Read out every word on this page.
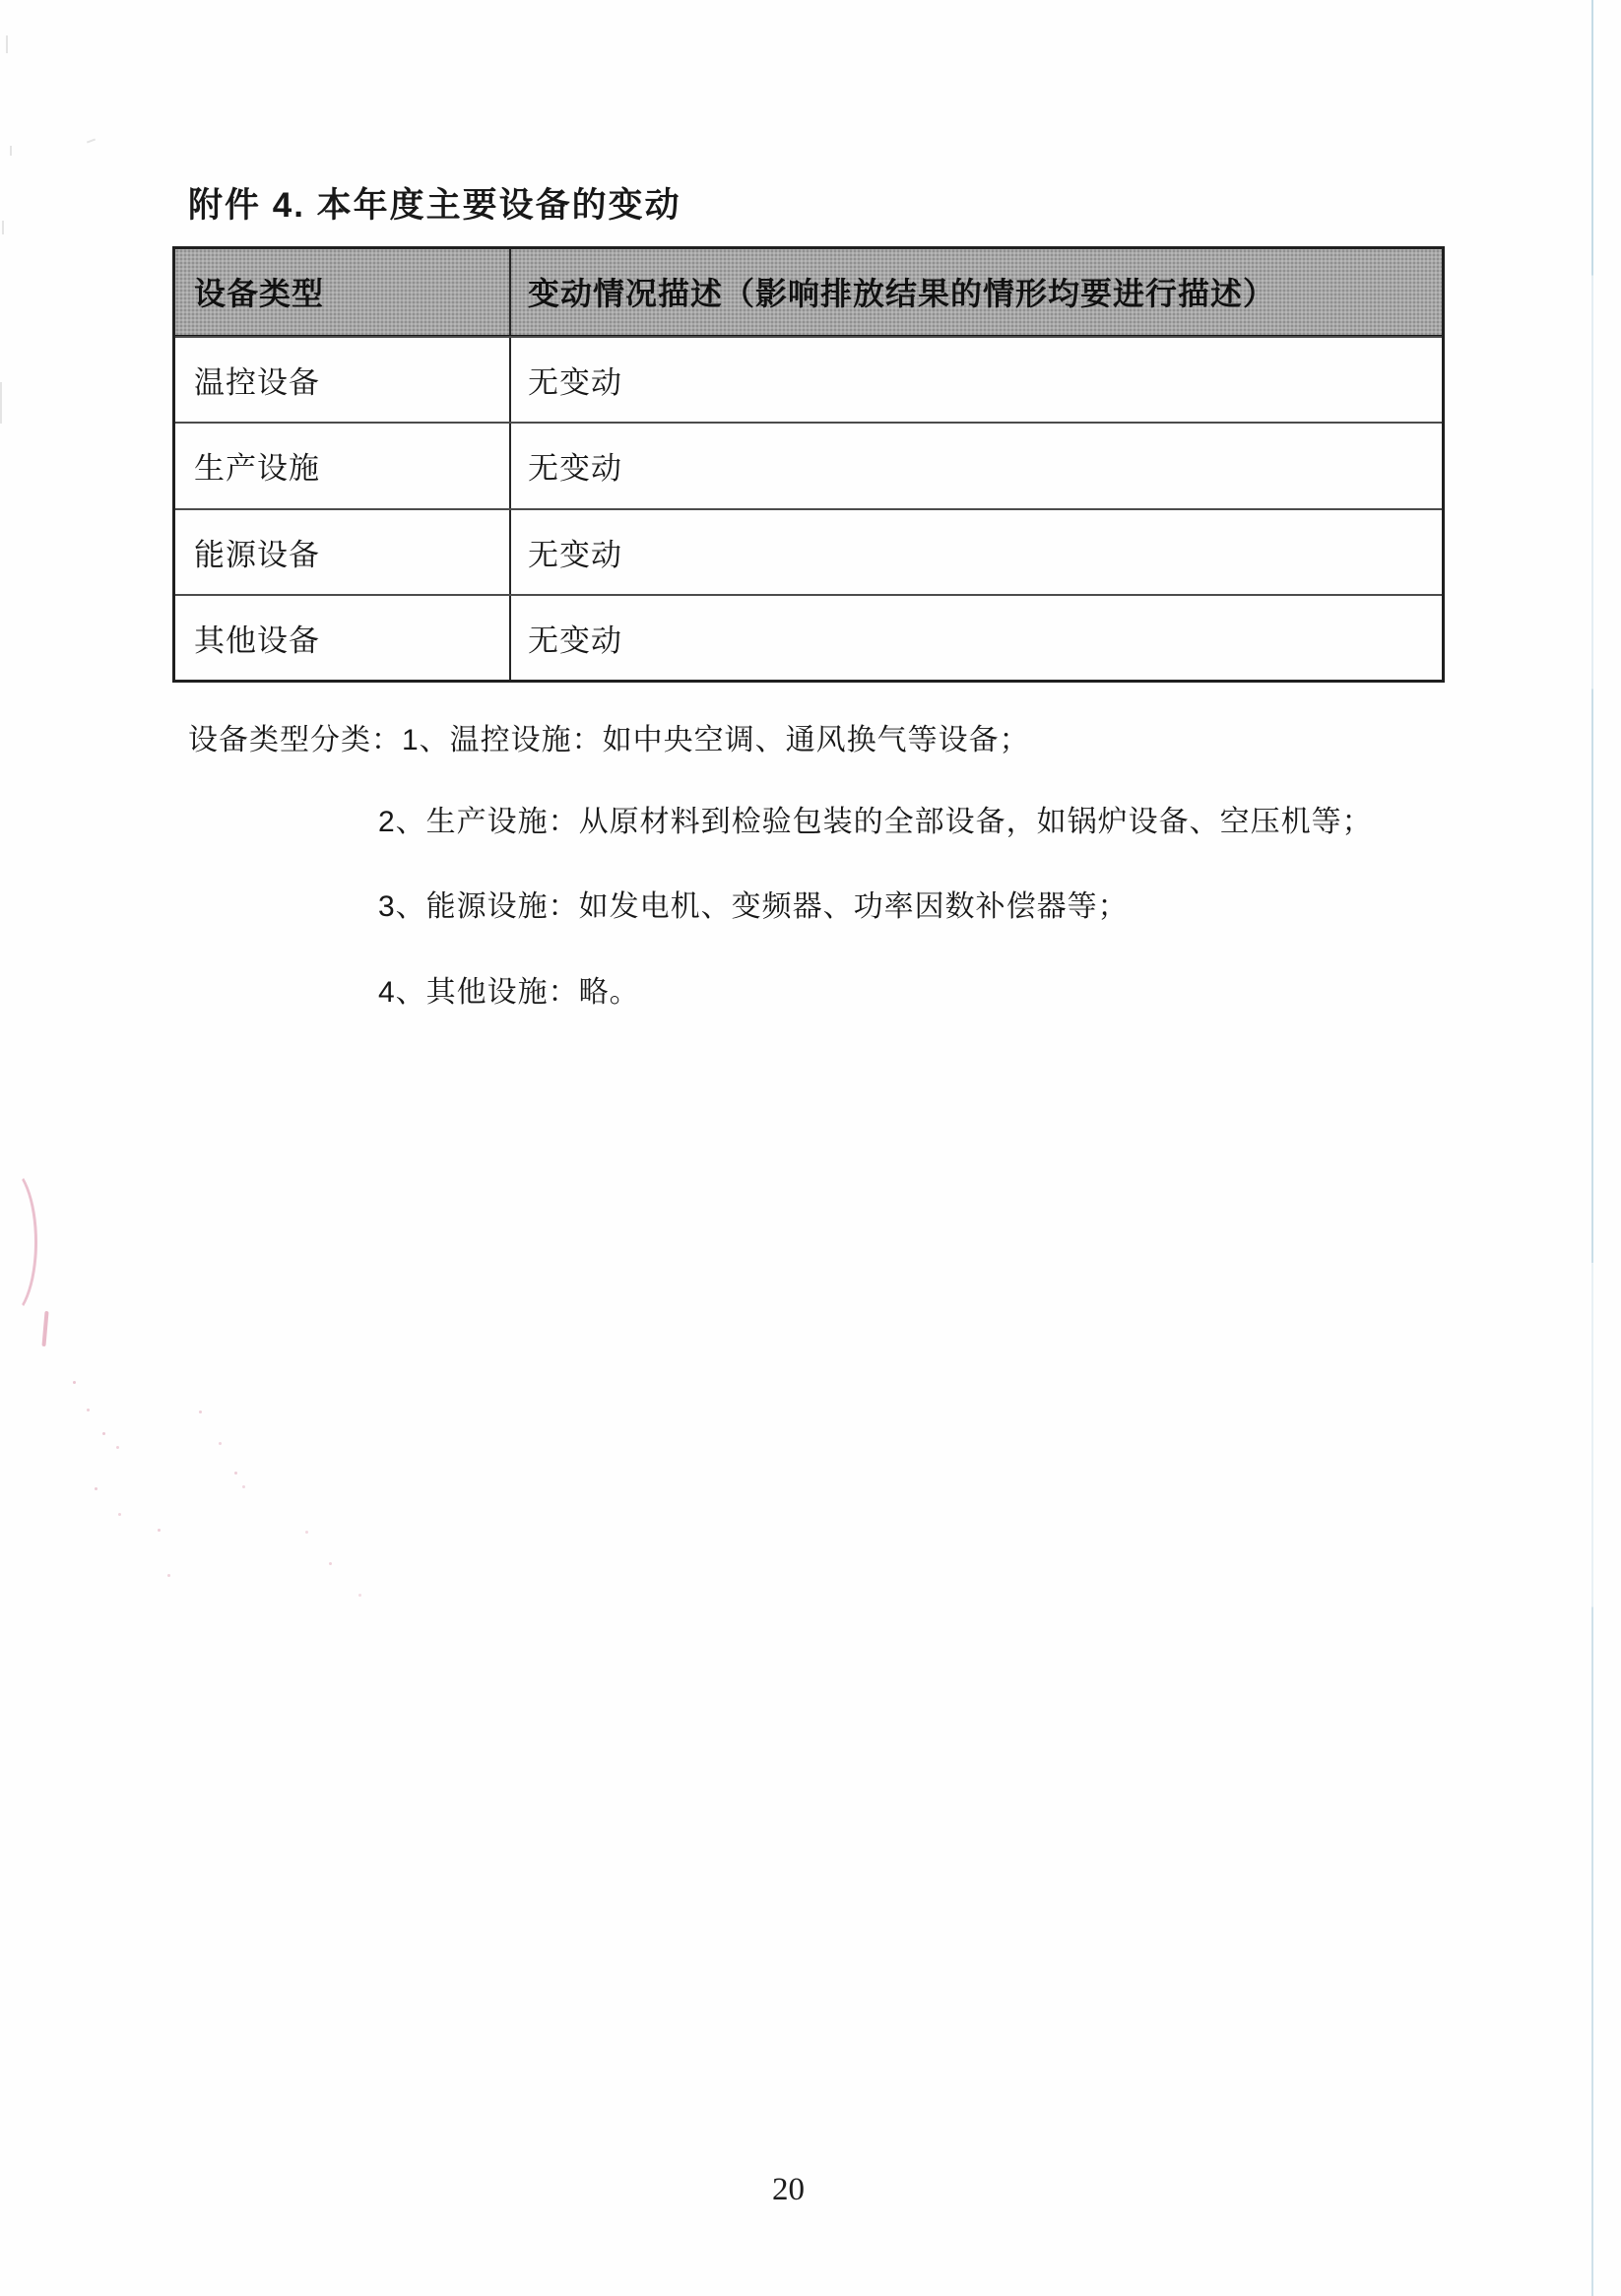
附件 4. 本年度主要设备的变动
设备类型	变动情况描述（影响排放结果的情形均要进行描述）
温控设备	无变动
生产设施	无变动
能源设备	无变动
其他设备	无变动
设备类型分类：1、温控设施：如中央空调、通风换气等设备；
2、生产设施：从原材料到检验包装的全部设备，如锅炉设备、空压机等；
3、能源设施：如发电机、变频器、功率因数补偿器等；
4、其他设施：略。
20
